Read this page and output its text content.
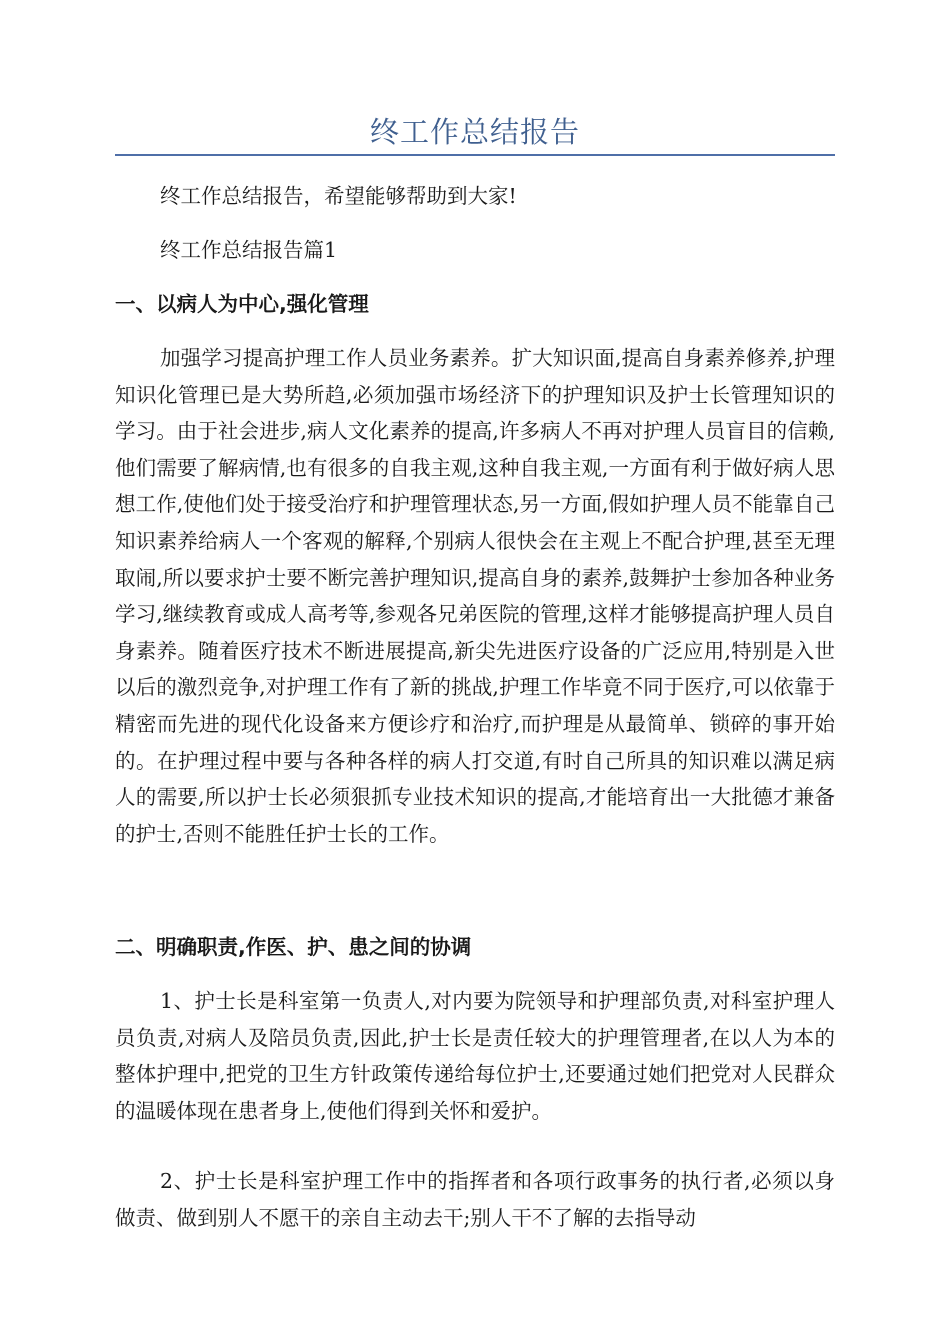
终工作总结报告

终工作总结报告，希望能够帮助到大家!

终工作总结报告篇1

一、以病人为中心,强化管理

加强学习提高护理工作人员业务素养。扩大知识面,提高自身素养修养,护理知识化管理已是大势所趋,必须加强市场经济下的护理知识及护士长管理知识的学习。由于社会进步,病人文化素养的提高,许多病人不再对护理人员盲目的信赖,他们需要了解病情,也有很多的自我主观,这种自我主观,一方面有利于做好病人思想工作,使他们处于接受治疗和护理管理状态,另一方面,假如护理人员不能靠自己知识素养给病人一个客观的解释,个别病人很快会在主观上不配合护理,甚至无理取闹,所以要求护士要不断完善护理知识,提高自身的素养,鼓舞护士参加各种业务学习,继续教育或成人高考等,参观各兄弟医院的管理,这样才能够提高护理人员自身素养。随着医疗技术不断进展提高,新尖先进医疗设备的广泛应用,特别是入世以后的激烈竞争,对护理工作有了新的挑战,护理工作毕竟不同于医疗,可以依靠于精密而先进的现代化设备来方便诊疗和治疗,而护理是从最简单、锁碎的事开始的。在护理过程中要与各种各样的病人打交道,有时自己所具的知识难以满足病人的需要,所以护士长必须狠抓专业技术知识的提高,才能培育出一大批德才兼备的护士,否则不能胜任护士长的工作。

二、明确职责,作医、护、患之间的协调

1、护士长是科室第一负责人,对内要为院领导和护理部负责,对科室护理人员负责,对病人及陪员负责,因此,护士长是责任较大的护理管理者,在以人为本的整体护理中,把党的卫生方针政策传递给每位护士,还要通过她们把党对人民群众的温暖体现在患者身上,使他们得到关怀和爱护。

2、护士长是科室护理工作中的指挥者和各项行政事务的执行者,必须以身做责、做到别人不愿干的亲自主动去干;别人干不了解的去指导动
